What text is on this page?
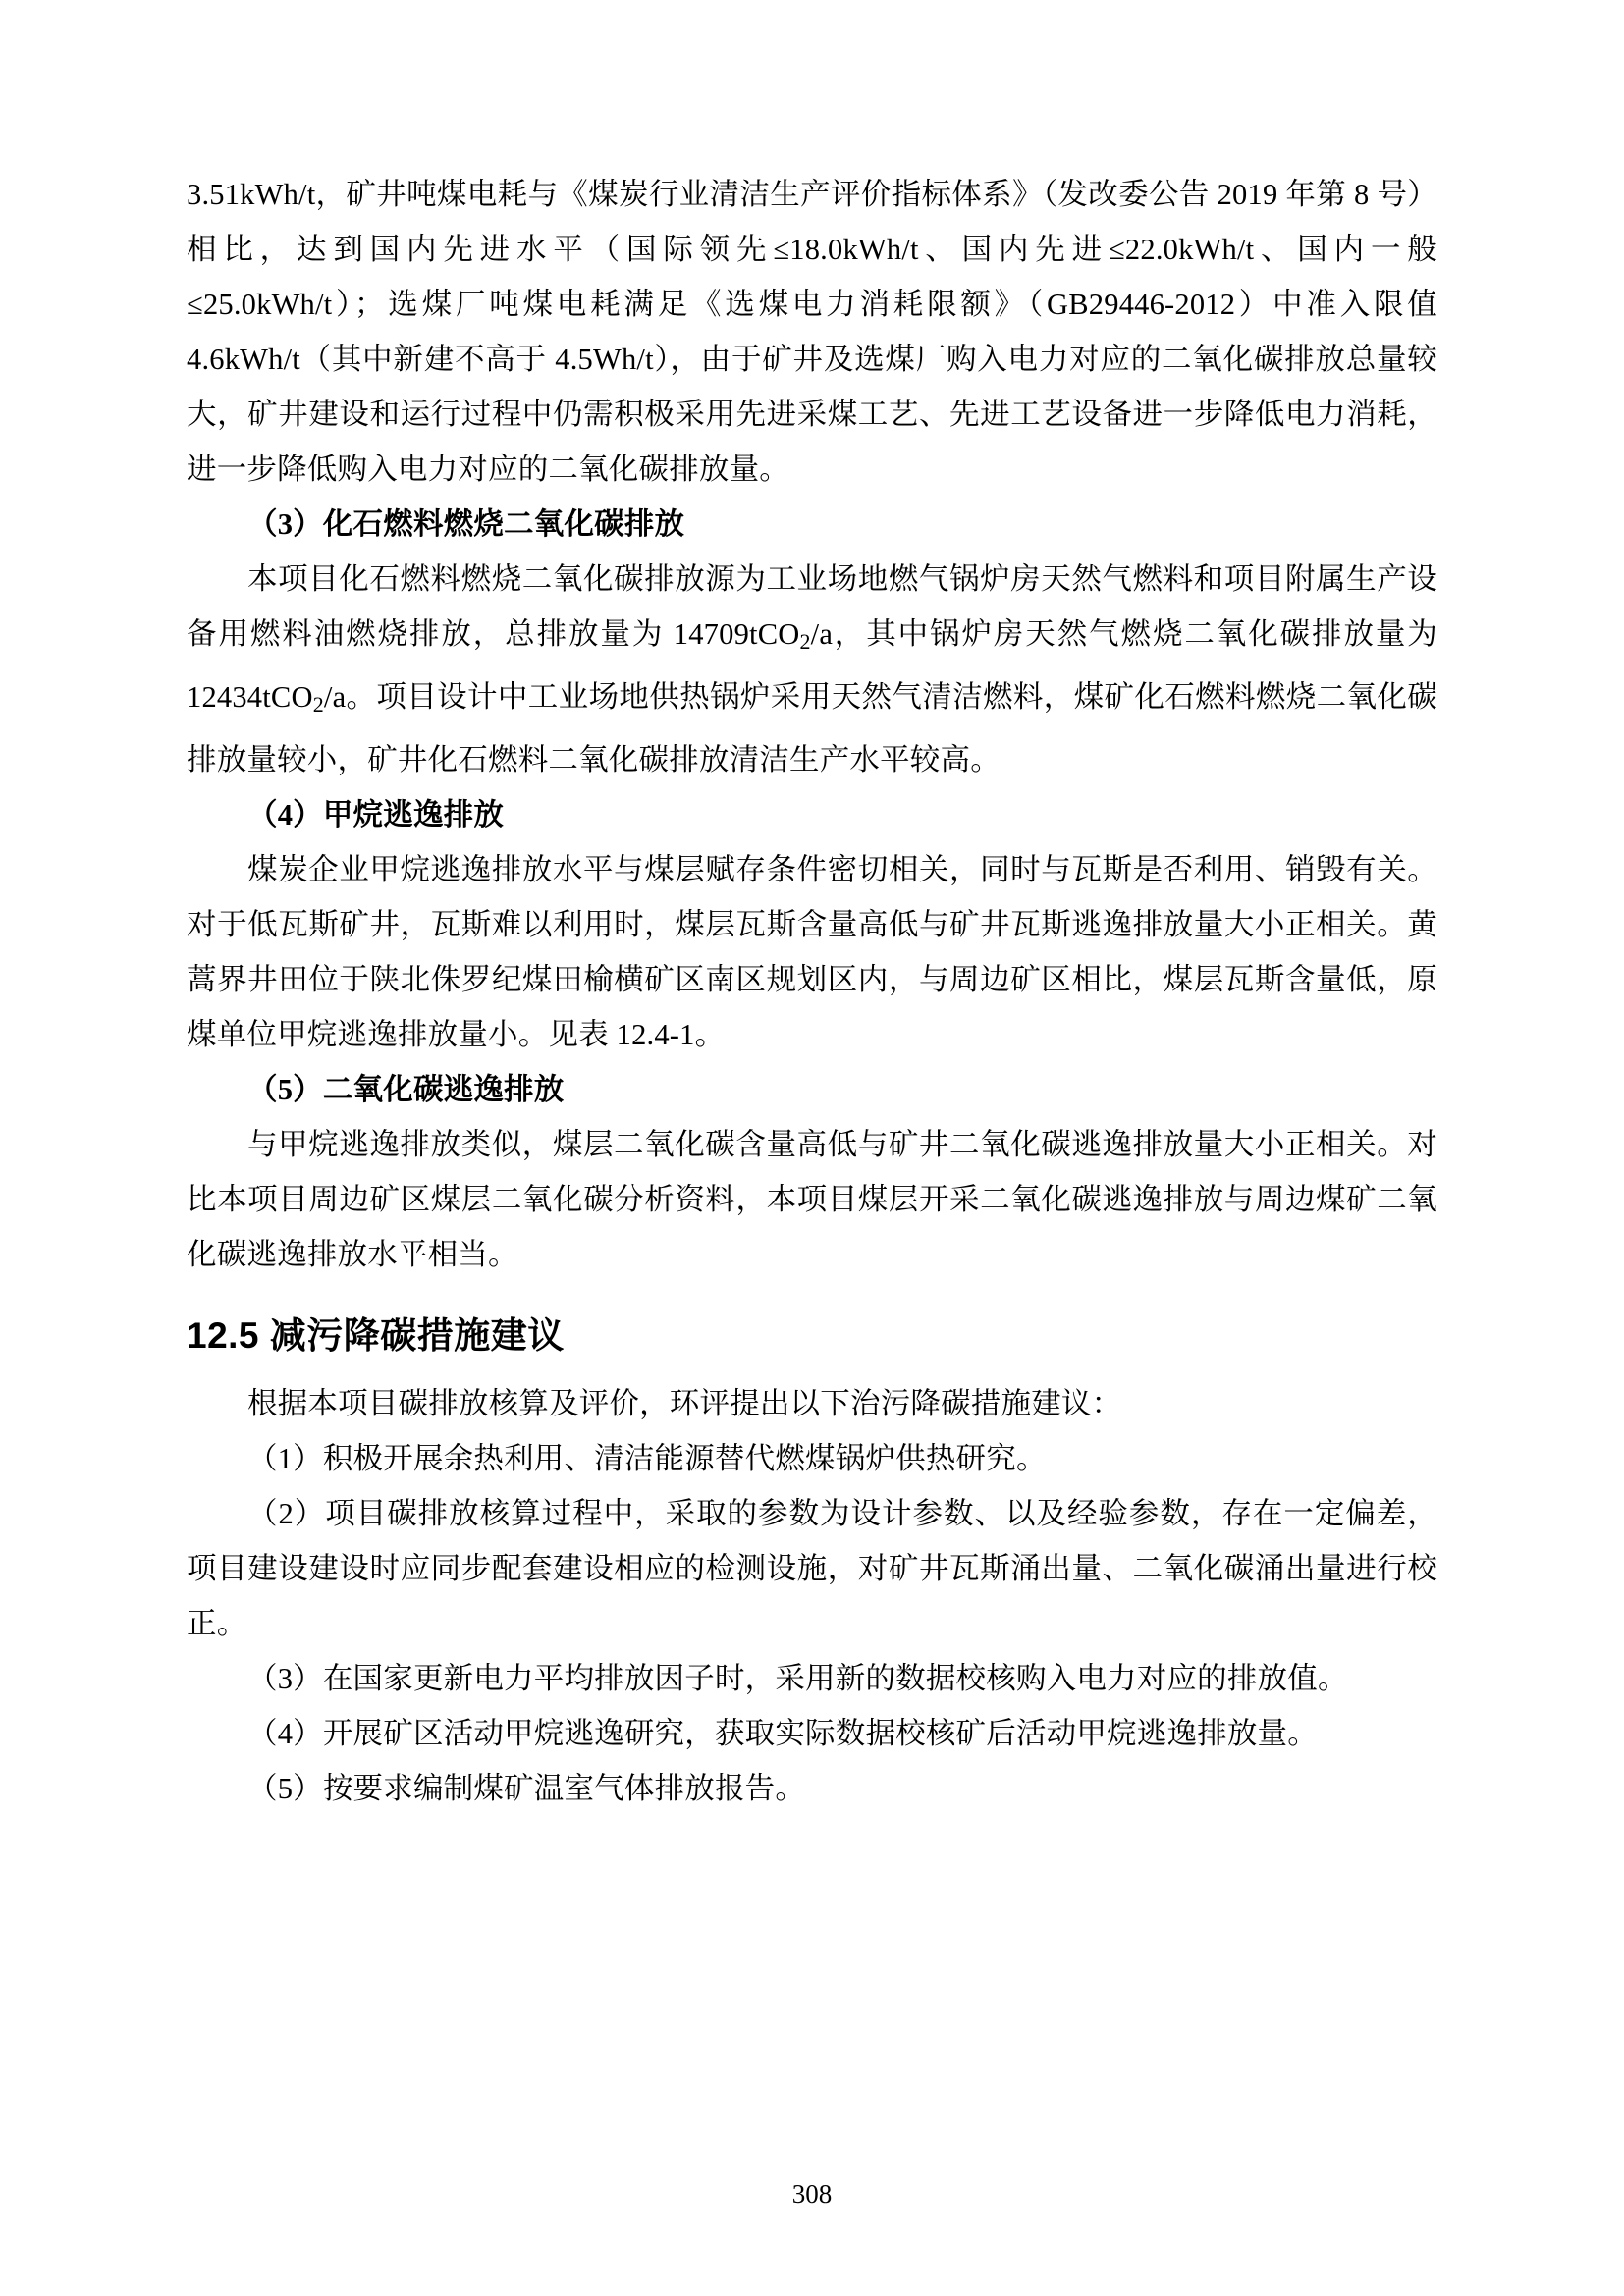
3.51kWh/t，矿井吨煤电耗与《煤炭行业清洁生产评价指标体系》（发改委公告 2019 年第 8 号）相比，达到国内先进水平（国际领先≤18.0kWh/t、国内先进≤22.0kWh/t、国内一般≤25.0kWh/t）；选煤厂吨煤电耗满足《选煤电力消耗限额》（GB29446-2012）中准入限值 4.6kWh/t（其中新建不高于 4.5Wh/t），由于矿井及选煤厂购入电力对应的二氧化碳排放总量较大，矿井建设和运行过程中仍需积极采用先进采煤工艺、先进工艺设备进一步降低电力消耗，进一步降低购入电力对应的二氧化碳排放量。

（3）化石燃料燃烧二氧化碳排放

本项目化石燃料燃烧二氧化碳排放源为工业场地燃气锅炉房天然气燃料和项目附属生产设备用燃料油燃烧排放，总排放量为 14709tCO$_2$/a，其中锅炉房天然气燃烧二氧化碳排放量为 12434tCO$_2$/a。项目设计中工业场地供热锅炉采用天然气清洁燃料，煤矿化石燃料燃烧二氧化碳排放量较小，矿井化石燃料二氧化碳排放清洁生产水平较高。

（4）甲烷逃逸排放

煤炭企业甲烷逃逸排放水平与煤层赋存条件密切相关，同时与瓦斯是否利用、销毁有关。对于低瓦斯矿井，瓦斯难以利用时，煤层瓦斯含量高低与矿井瓦斯逃逸排放量大小正相关。黄蒿界井田位于陕北侏罗纪煤田榆横矿区南区规划区内，与周边矿区相比，煤层瓦斯含量低，原煤单位甲烷逃逸排放量小。见表 12.4-1。

（5）二氧化碳逃逸排放

与甲烷逃逸排放类似，煤层二氧化碳含量高低与矿井二氧化碳逃逸排放量大小正相关。对比本项目周边矿区煤层二氧化碳分析资料，本项目煤层开采二氧化碳逃逸排放与周边煤矿二氧化碳逃逸排放水平相当。

12.5 减污降碳措施建议

根据本项目碳排放核算及评价，环评提出以下治污降碳措施建议：

（1）积极开展余热利用、清洁能源替代燃煤锅炉供热研究。

（2）项目碳排放核算过程中，采取的参数为设计参数、以及经验参数，存在一定偏差，项目建设建设时应同步配套建设相应的检测设施，对矿井瓦斯涌出量、二氧化碳涌出量进行校正。

（3）在国家更新电力平均排放因子时，采用新的数据校核购入电力对应的排放值。

（4）开展矿区活动甲烷逃逸研究，获取实际数据校核矿后活动甲烷逃逸排放量。

（5）按要求编制煤矿温室气体排放报告。

308
